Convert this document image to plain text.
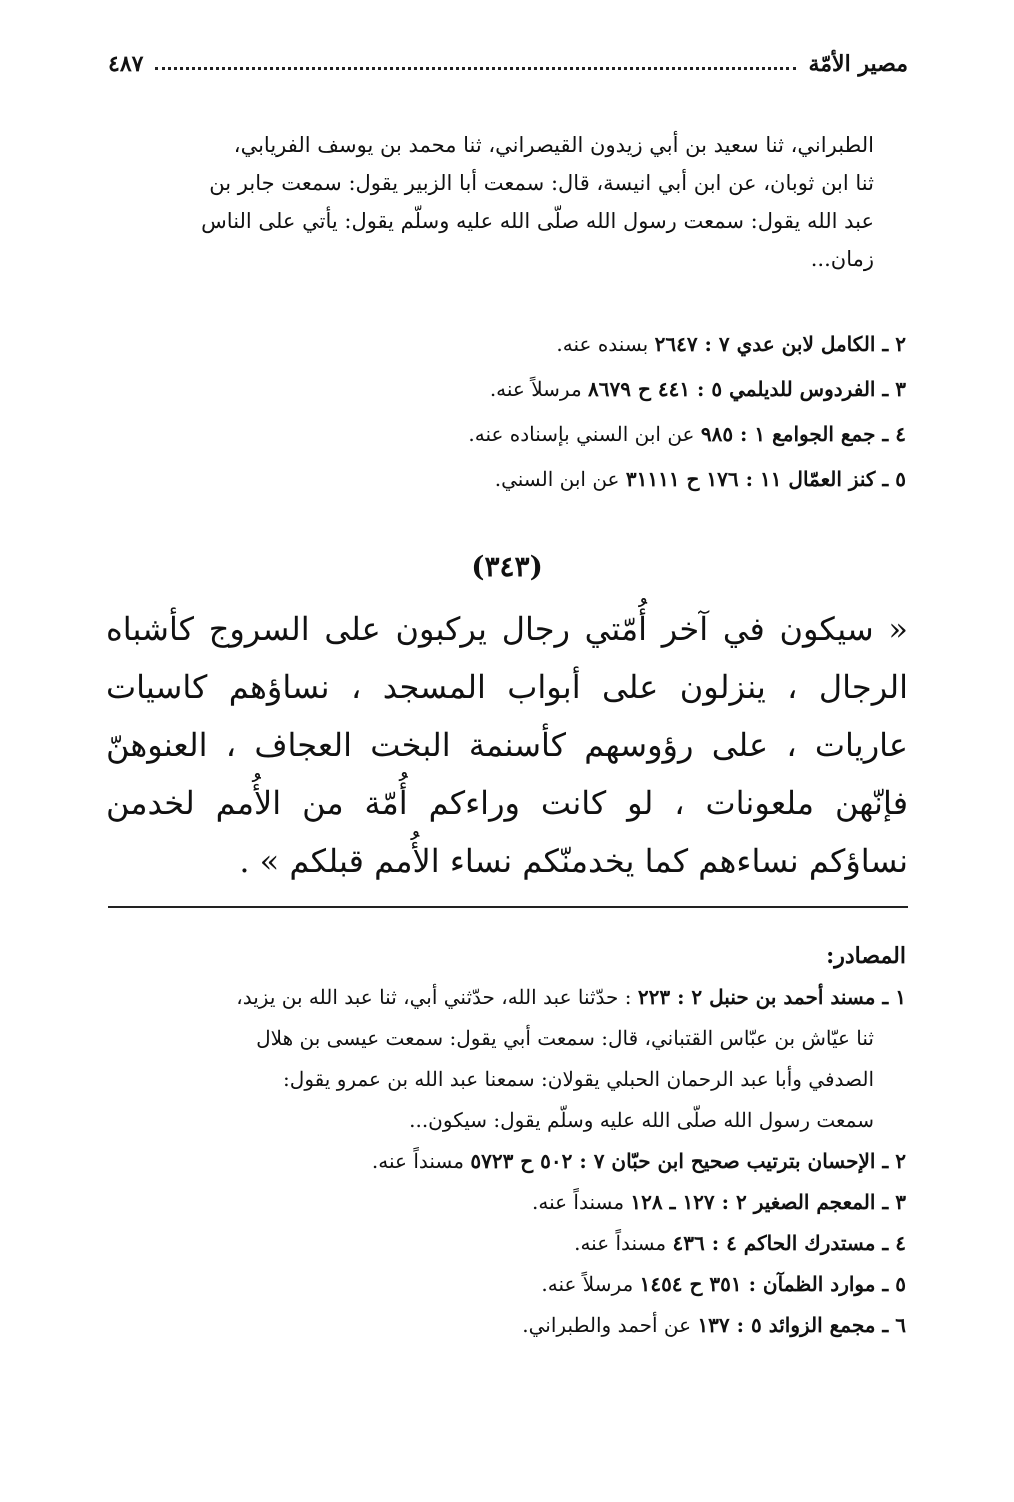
مصير الأمّة
٤٨٧

الطبراني، ثنا سعيد بن أبي زيدون القيصراني، ثنا محمد بن يوسف الفريابي،

ثنا ابن ثوبان، عن ابن أبي انيسة، قال: سمعت أبا الزبير يقول: سمعت جابر بن

عبد الله يقول: سمعت رسول الله صلّى الله عليه وسلّم يقول: يأتي على الناس

زمان...

٢ ـ الكامل لابن عدي ٧ : ٢٦٤٧ بسنده عنه.
٣ ـ الفردوس للديلمي ٥ : ٤٤١ ح ٨٦٧٩ مرسلاً عنه.
٤ ـ جمع الجوامع ١ : ٩٨٥ عن ابن السني بإسناده عنه.
٥ ـ كنز العمّال ١١ : ١٧٦ ح ٣١١١١ عن ابن السني.
(٣٤٣)
« سيكون في آخر أُمّتي رجال يركبون على السروج كأشباه الرجال ، ينزلون على أبواب المسجد ، نساؤهم كاسيات عاريات ، على رؤوسهم كأسنمة البخت العجاف ، العنوهنّ فإنّهن ملعونات ، لو كانت وراءكم أُمّة من الأُمم لخدمن نساؤكم نساءهم كما يخدمنّكم نساء الأُمم قبلكم » .
المصادر:
١ ـ مسند أحمد بن حنبل ٢ : ٢٢٣ : حدّثنا عبد الله، حدّثني أبي، ثنا عبد الله بن يزيد،

ثنا عيّاش بن عبّاس القتباني، قال: سمعت أبي يقول: سمعت عيسى بن هلال

الصدفي وأبا عبد الرحمان الحبلي يقولان: سمعنا عبد الله بن عمرو يقول:

سمعت رسول الله صلّى الله عليه وسلّم يقول: سيكون...

٢ ـ الإحسان بترتيب صحيح ابن حبّان ٧ : ٥٠٢ ح ٥٧٢٣ مسنداً عنه.
٣ ـ المعجم الصغير ٢ : ١٢٧ ـ ١٢٨ مسنداً عنه.
٤ ـ مستدرك الحاكم ٤ : ٤٣٦ مسنداً عنه.
٥ ـ موارد الظمآن : ٣٥١ ح ١٤٥٤ مرسلاً عنه.
٦ ـ مجمع الزوائد ٥ : ١٣٧ عن أحمد والطبراني.
